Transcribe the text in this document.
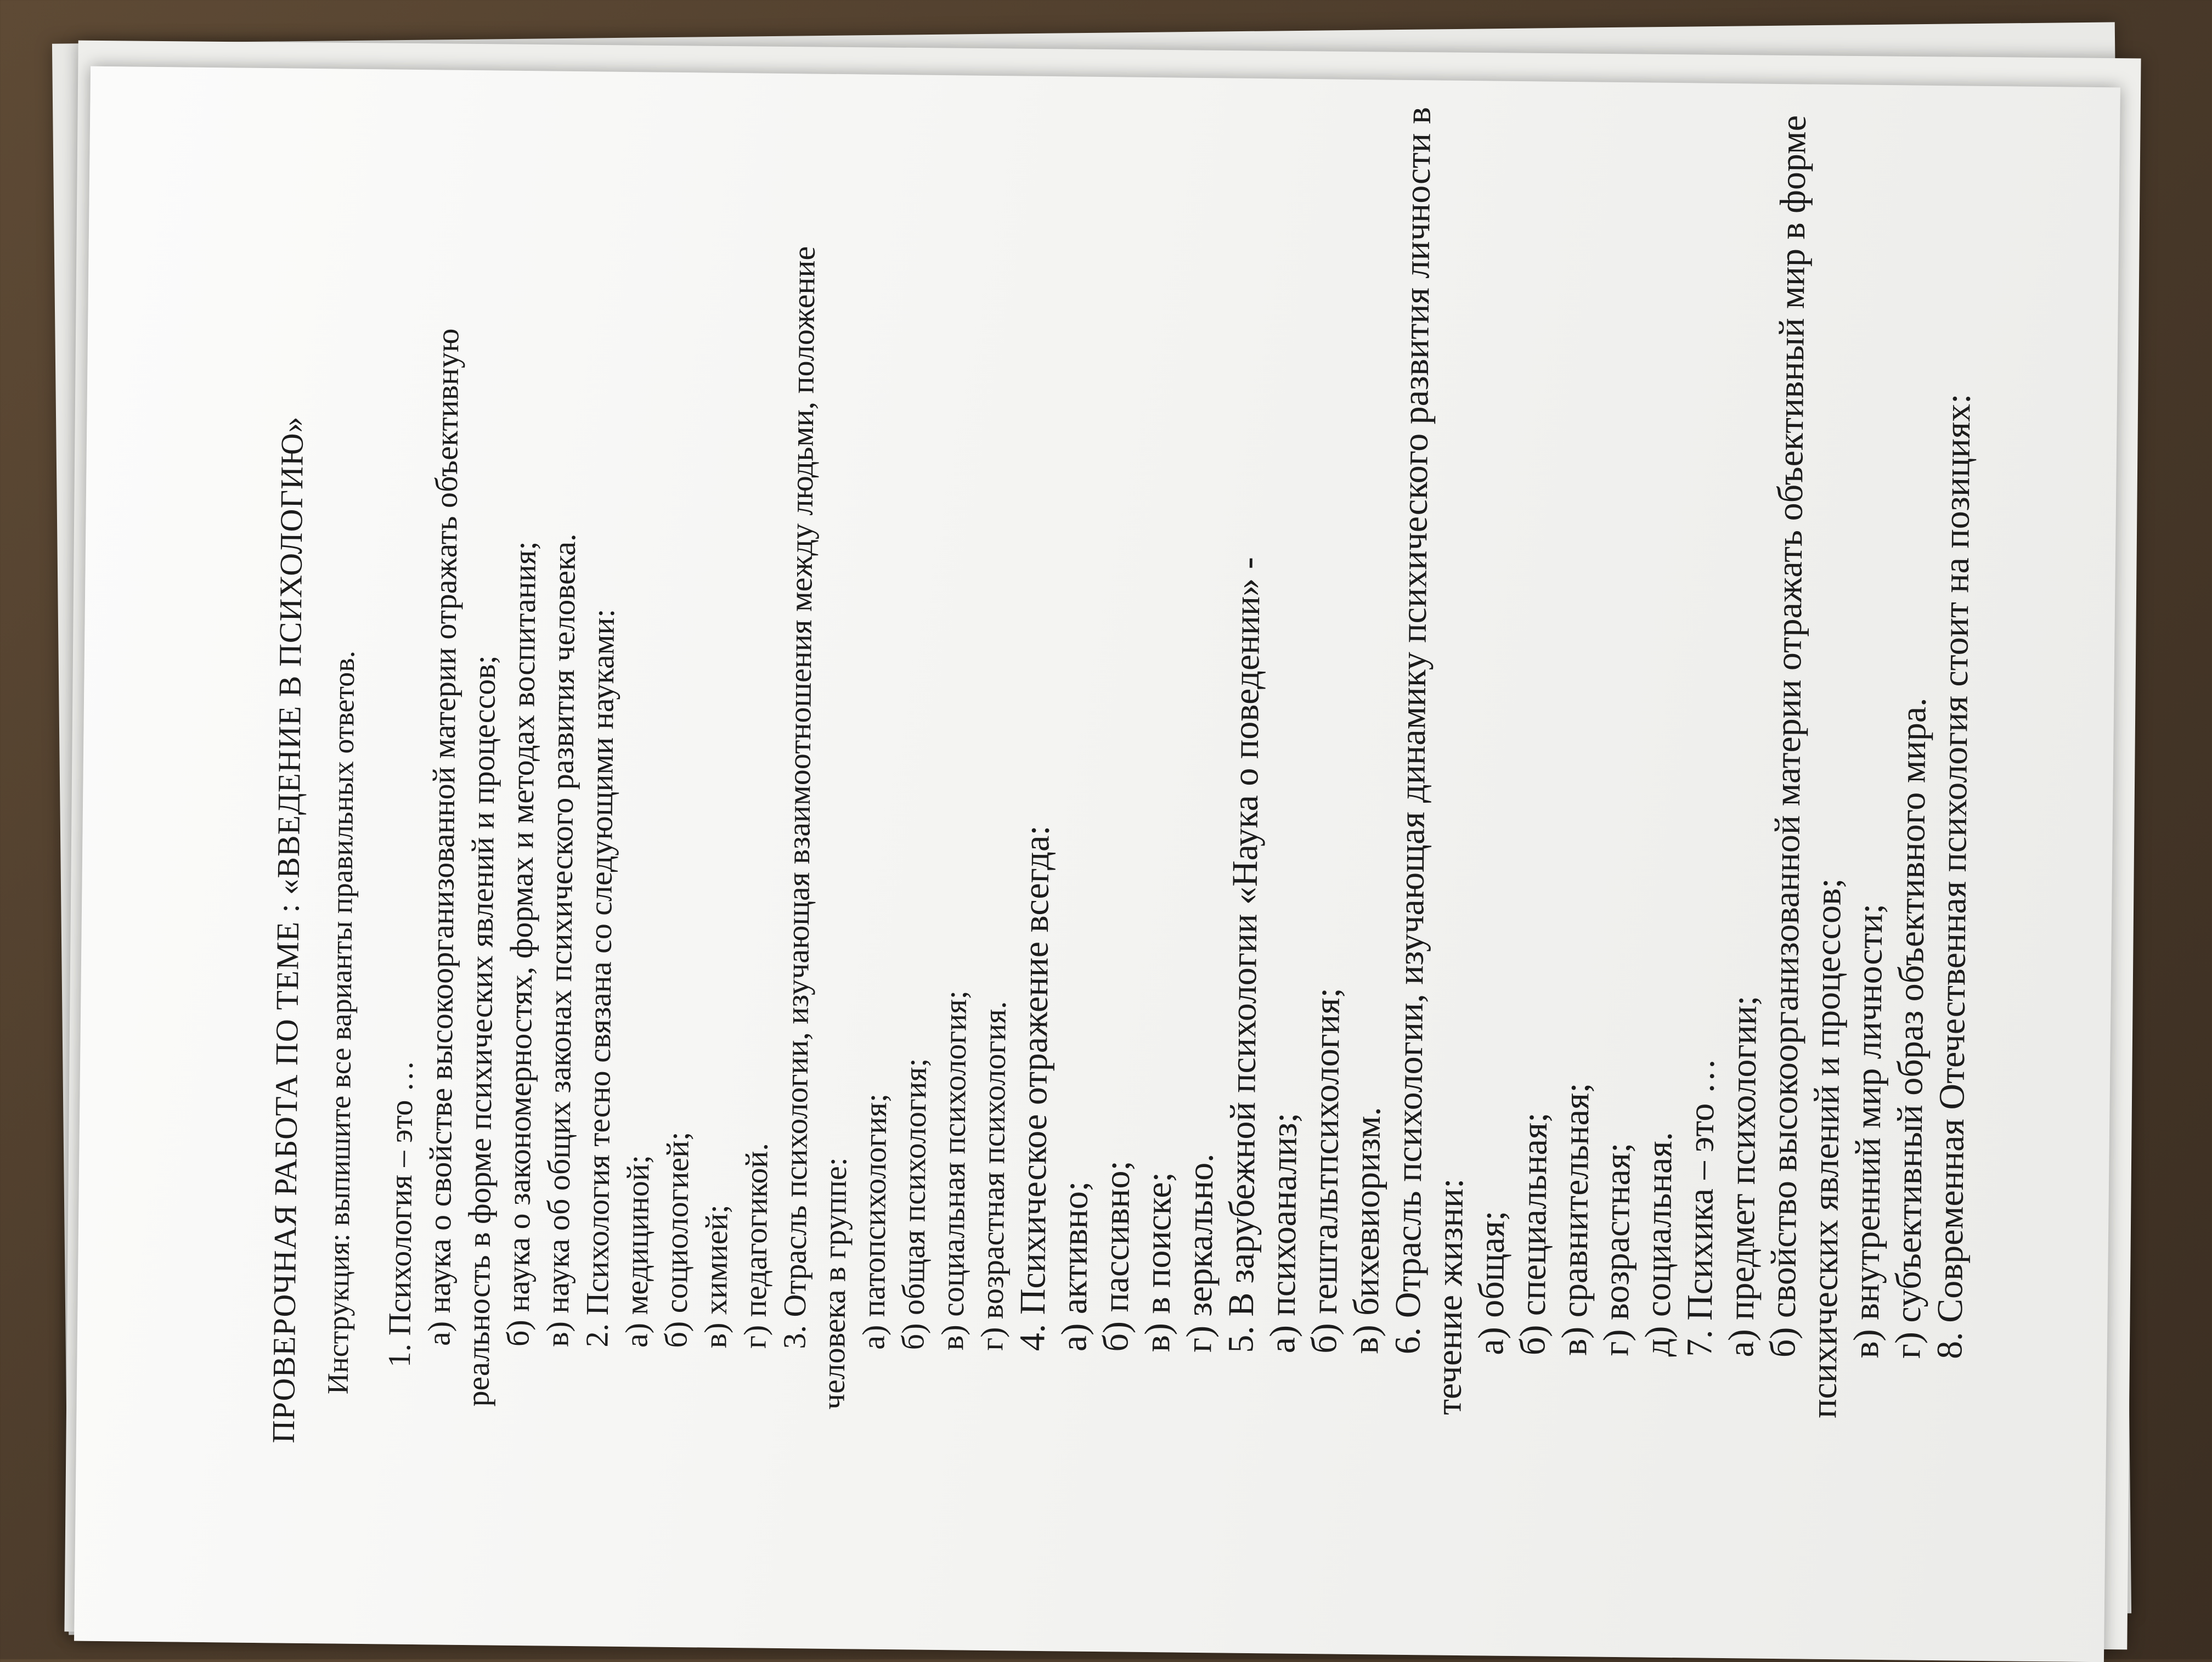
ПРОВЕРОЧНАЯ РАБОТА ПО ТЕМЕ : «ВВЕДЕНИЕ В ПСИХОЛОГИЮ» Инструкция: выпишите все варианты правильных ответов. 1. Психология – это … а) наука о свойстве высокоорганизованной материи отражать объективную
реальность в форме психических явлений и процессов;
б) наука о закономерностях, формах и методах воспитания;
в) наука об общих законах психического развития человека.
2. Психология тесно связана со следующими науками:
а) медициной; б) социологией; в) химией; г) педагогикой. 3. Отрасль психологии, изучающая взаимоотношения между людьми, положение
человека в группе: а) патопсихология; б) общая психология; в) социальная психология; г) возрастная психология. 4. Психическое отражение всегда:
а) активно; б) пассивно; в) в поиске; г) зеркально. 5. В зарубежной психологии «Наука о поведении» -
а) психоанализ; б) гештальтпсихология;
в) бихевиоризм. 6. Отрасль психологии, изучающая динамику психического развития личности в
течение жизни: а) общая; б) специальная; в) сравнительная;
г) возрастная; д) социальная. 7. Психика – это …
а) предмет психологии;
б) свойство высокоорганизованной материи отражать объективный мир в форме
психических явлений и процессов;
в) внутренний мир личности;
г) субъективный образ объективного мира.
8. Современная Отечественная психология стоит на позициях:
